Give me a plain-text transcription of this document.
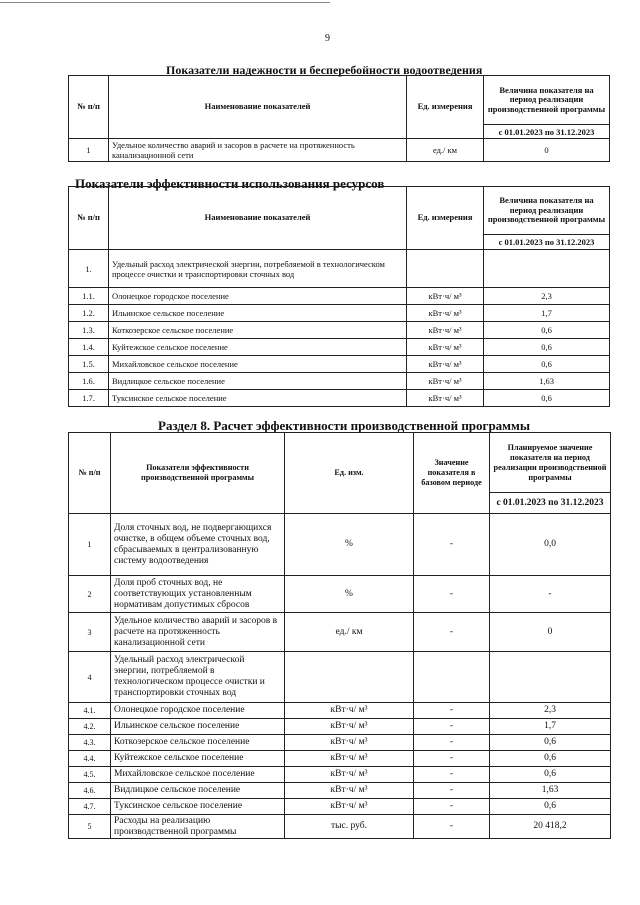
9
Показатели надежности и бесперебойности водоотведения
№ п/п	Наименование показателей	Ед. измерения	Величина показателя на период реализации производственной программы
			с 01.01.2023 по 31.12.2023
1	Удельное количество аварий и засоров в расчете на протяженность канализационной сети	ед./ км	0
Показатели эффективности использования ресурсов
№ п/п	Наименование показателей	Ед. измерения	Величина показателя на период реализации производственной программы
			с 01.01.2023 по 31.12.2023
1.	Удельный расход электрической энергии, потребляемой в технологическом процессе очистки и транспортировки сточных вод		
1.1.	Олонецкое городское поселение	кВт·ч/ м³	2,3
1.2.	Ильинское сельское поселение	кВт·ч/ м³	1,7
1.3.	Коткозерское сельское поселение	кВт·ч/ м³	0,6
1.4.	Куйтежское сельское поселение	кВт·ч/ м³	0,6
1.5.	Михайловское сельское поселение	кВт·ч/ м³	0,6
1.6.	Видлицкое сельское поселение	кВт·ч/ м³	1,63
1.7.	Туксинское сельское поселение	кВт·ч/ м³	0,6
Раздел 8. Расчет эффективности производственной программы
№ п/п	Показатели эффективности производственной программы	Ед. изм.	Значение показателя в базовом периоде	Планируемое значение показателя на период реализации производственной программы
				с 01.01.2023 по 31.12.2023
1	Доля сточных вод, не подвергающихся очистке, в общем объеме сточных вод, сбрасываемых в централизованную систему водоотведения	%	-	0,0
2	Доля проб сточных вод, не соответствующих установленным нормативам допустимых сбросов	%	-	-
3	Удельное количество аварий и засоров в расчете на протяженность канализационной сети	ед./ км	-	0
4	Удельный расход электрической энергии, потребляемой в технологическом процессе очистки и транспортировки сточных вод			
4.1.	Олонецкое городское поселение	кВт·ч/ м³	-	2,3
4.2.	Ильинское сельское поселение	кВт·ч/ м³	-	1,7
4.3.	Коткозерское сельское поселение	кВт·ч/ м³	-	0,6
4.4.	Куйтежское сельское поселение	кВт·ч/ м³	-	0,6
4.5.	Михайловское сельское поселение	кВт·ч/ м³	-	0,6
4.6.	Видлицкое сельское поселение	кВт·ч/ м³	-	1,63
4.7.	Туксинское сельское поселение	кВт·ч/ м³	-	0,6
5	Расходы на реализацию производственной программы	тыс. руб.	-	20 418,2
